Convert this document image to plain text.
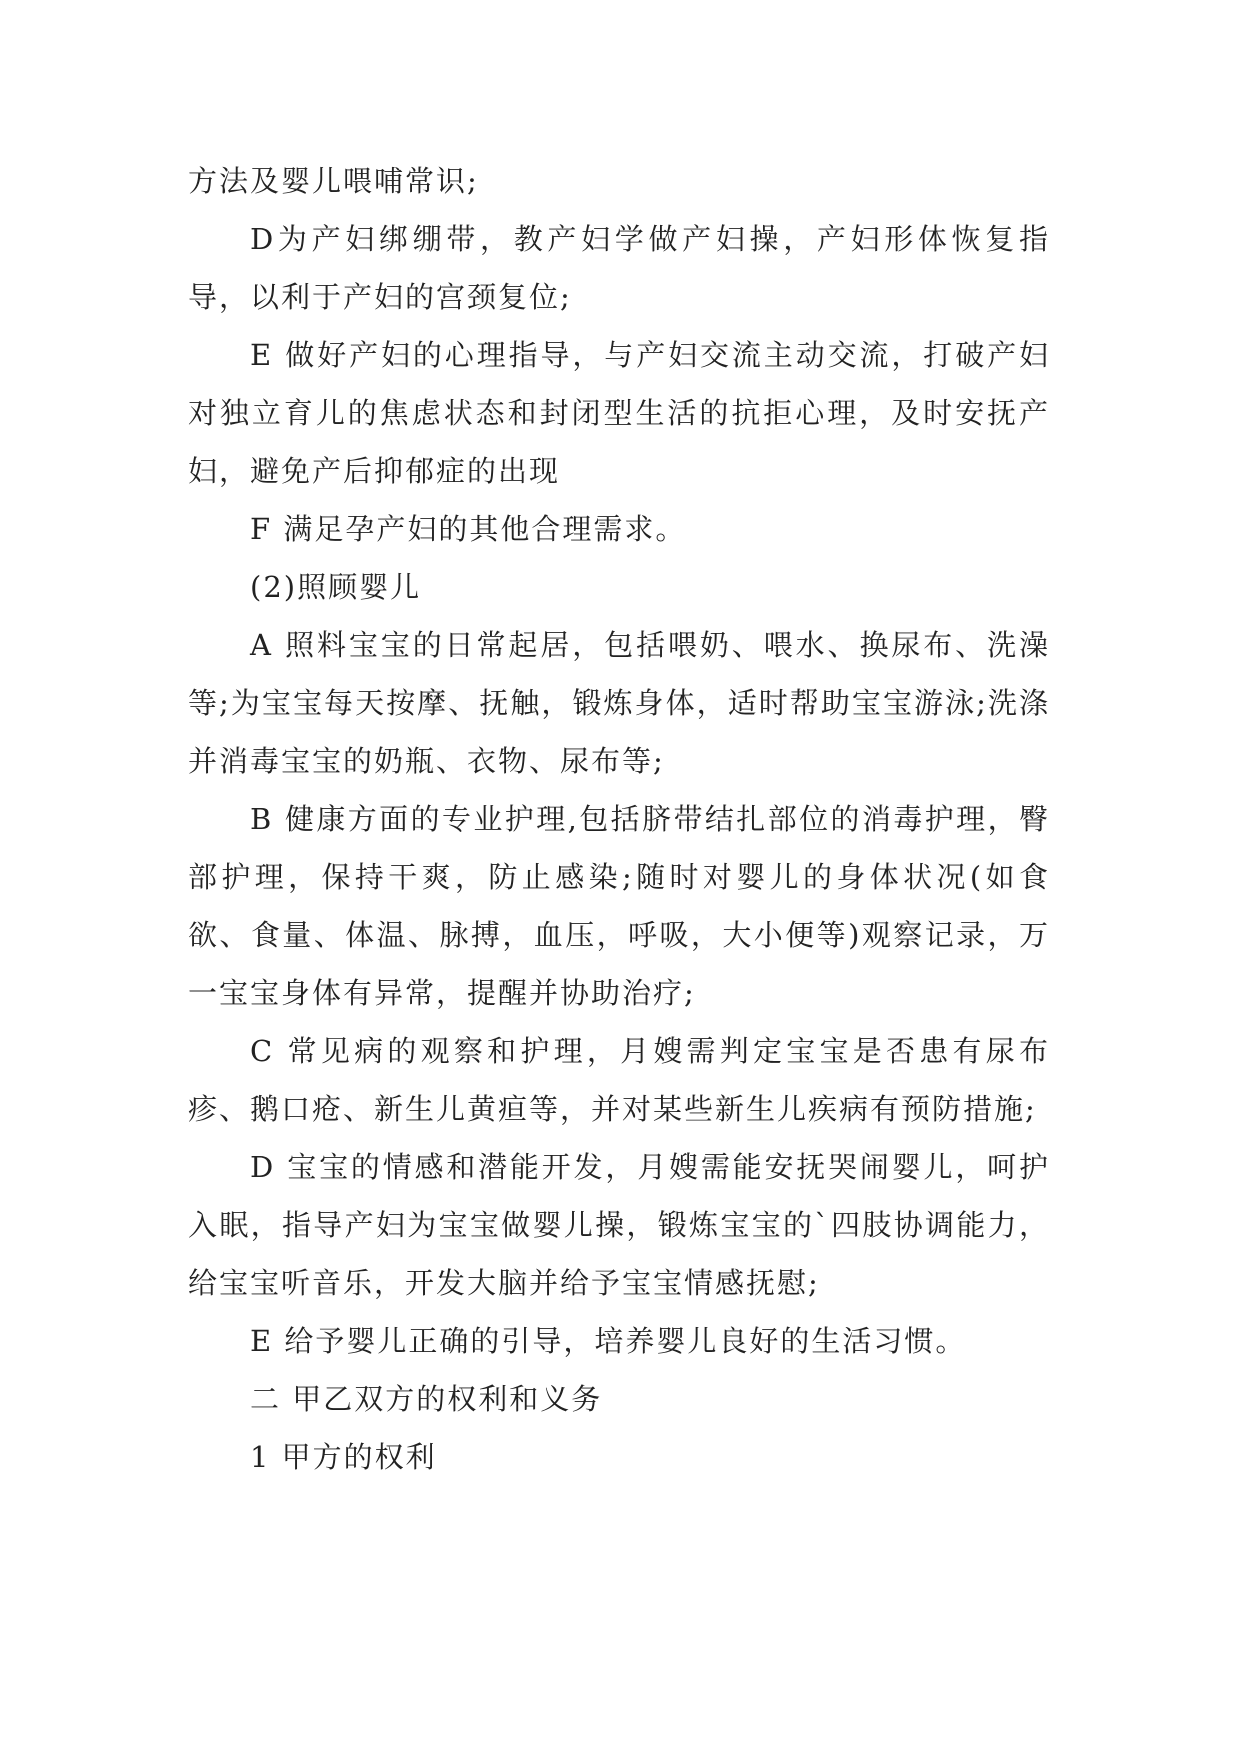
方法及婴儿喂哺常识;

D为产妇绑绷带，教产妇学做产妇操，产妇形体恢复指导，以利于产妇的宫颈复位;

E 做好产妇的心理指导，与产妇交流主动交流，打破产妇对独立育儿的焦虑状态和封闭型生活的抗拒心理，及时安抚产妇，避免产后抑郁症的出现

F 满足孕产妇的其他合理需求。

(2)照顾婴儿

A 照料宝宝的日常起居，包括喂奶、喂水、换尿布、洗澡等;为宝宝每天按摩、抚触，锻炼身体，适时帮助宝宝游泳;洗涤并消毒宝宝的奶瓶、衣物、尿布等;

B 健康方面的专业护理,包括脐带结扎部位的消毒护理，臀部护理，保持干爽，防止感染;随时对婴儿的身体状况(如食欲、食量、体温、脉搏，血压，呼吸，大小便等)观察记录，万一宝宝身体有异常，提醒并协助治疗;

C 常见病的观察和护理，月嫂需判定宝宝是否患有尿布疹、鹅口疮、新生儿黄疸等，并对某些新生儿疾病有预防措施;

D 宝宝的情感和潜能开发，月嫂需能安抚哭闹婴儿，呵护入眠，指导产妇为宝宝做婴儿操，锻炼宝宝的`四肢协调能力，给宝宝听音乐，开发大脑并给予宝宝情感抚慰;

E 给予婴儿正确的引导，培养婴儿良好的生活习惯。

二 甲乙双方的权利和义务

1 甲方的权利
